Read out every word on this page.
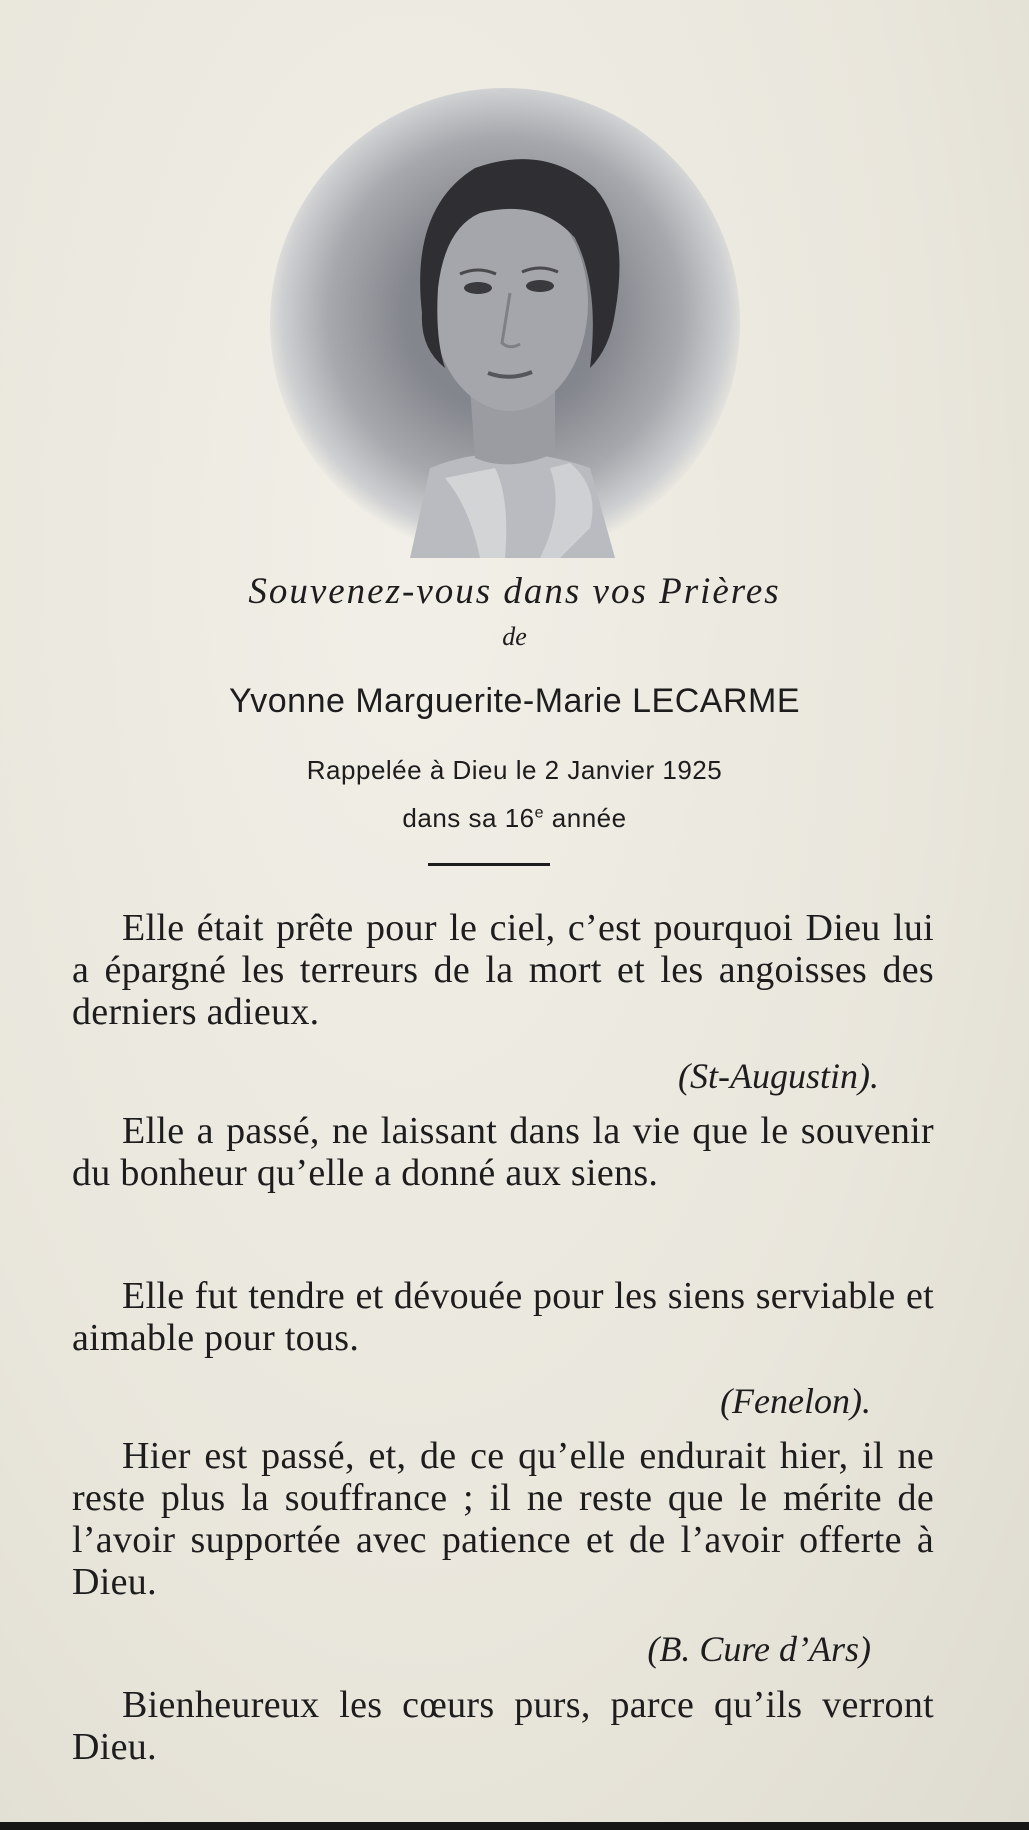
Souvenez-vous dans vos Prières
de
Yvonne Marguerite-Marie LECARME
Rappelée à Dieu le 2 Janvier 1925
dans sa 16e année
Elle était prête pour le ciel, c’est pourquoi Dieu lui a épargné les terreurs de la mort et les angoisses des derniers adieux.
(St-Augustin).
Elle a passé, ne laissant dans la vie que le souvenir du bonheur qu’elle a donné aux siens.
Elle fut tendre et dévouée pour les siens serviable et aimable pour tous.
(Fenelon).
Hier est passé, et, de ce qu’elle endurait hier, il ne reste plus la souffrance ; il ne reste que le mérite de l’avoir supportée avec patience et de l’avoir offerte à Dieu.
(B. Cure d’Ars)
Bienheureux les cœurs purs, parce qu’ils verront Dieu.
